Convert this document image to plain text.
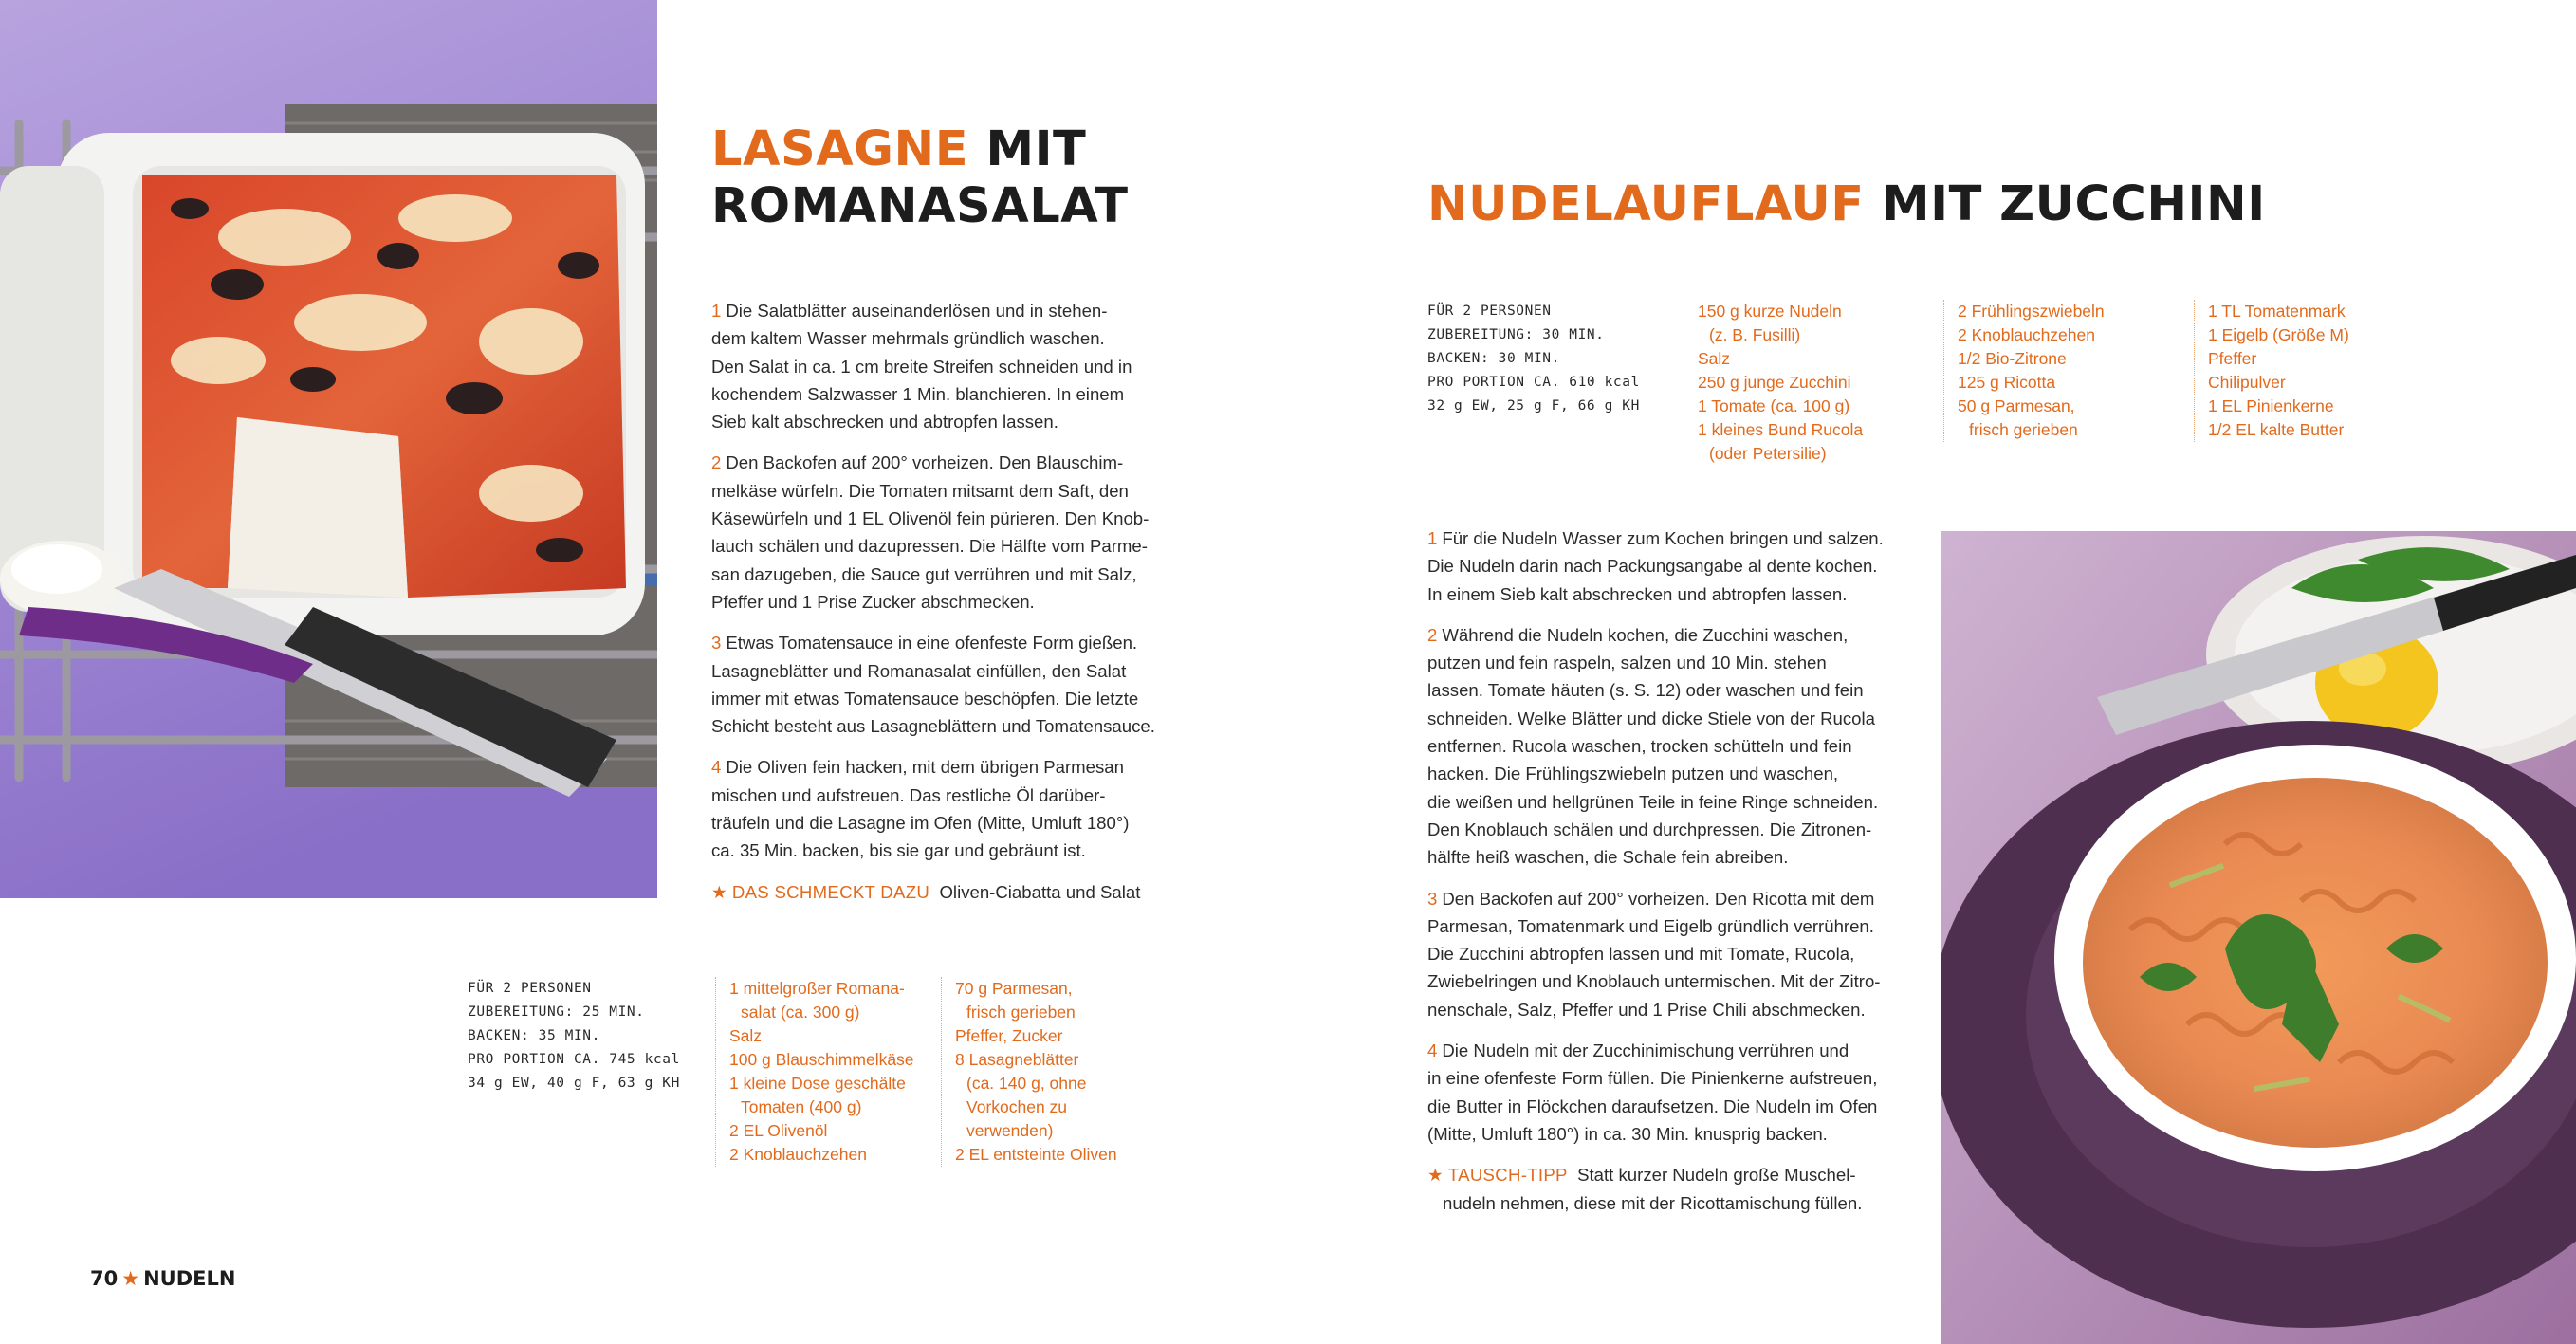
LASAGNE MIT
ROMANASALAT

1 Die Salatblätter auseinanderlösen und in stehen-
dem kaltem Wasser mehrmals gründlich waschen.
Den Salat in ca. 1 cm breite Streifen schneiden und in
kochendem Salzwasser 1 Min. blanchieren. In einem
Sieb kalt abschrecken und abtropfen lassen.

2 Den Backofen auf 200° vorheizen. Den Blauschim-
melkäse würfeln. Die Tomaten mitsamt dem Saft, den
Käsewürfeln und 1 EL Olivenöl fein pürieren. Den Knob-
lauch schälen und dazupressen. Die Hälfte vom Parme-
san dazugeben, die Sauce gut verrühren und mit Salz,
Pfeffer und 1 Prise Zucker abschmecken.

3 Etwas Tomatensauce in eine ofenfeste Form gießen.
Lasagneblätter und Romanasalat einfüllen, den Salat
immer mit etwas Tomatensauce beschöpfen. Die letzte
Schicht besteht aus Lasagneblättern und Tomatensauce.

4 Die Oliven fein hacken, mit dem übrigen Parmesan
mischen und aufstreuen. Das restliche Öl darüber-
träufeln und die Lasagne im Ofen (Mitte, Umluft 180°)
ca. 35 Min. backen, bis sie gar und gebräunt ist.

★ DAS SCHMECKT DAZU Oliven-Ciabatta und Salat

FÜR 2 PERSONEN
ZUBEREITUNG: 25 MIN.
BACKEN: 35 MIN.
PRO PORTION CA. 745 kcal
34 g EW, 40 g F, 63 g KH
1 mittelgroßer Romana-
salat (ca. 300 g)
Salz
100 g Blauschimmelkäse
1 kleine Dose geschälte
Tomaten (400 g)
2 EL Olivenöl
2 Knoblauchzehen
70 g Parmesan,
frisch gerieben
Pfeffer, Zucker
8 Lasagneblätter
(ca. 140 g, ohne
Vorkochen zu
verwenden)
2 EL entsteinte Oliven
NUDELAUFLAUF MIT ZUCCHINI
FÜR 2 PERSONEN
ZUBEREITUNG: 30 MIN.
BACKEN: 30 MIN.
PRO PORTION CA. 610 kcal
32 g EW, 25 g F, 66 g KH
150 g kurze Nudeln
(z. B. Fusilli)
Salz
250 g junge Zucchini
1 Tomate (ca. 100 g)
1 kleines Bund Rucola
(oder Petersilie)
2 Frühlingszwiebeln
2 Knoblauchzehen
1/2 Bio-Zitrone
125 g Ricotta
50 g Parmesan,
frisch gerieben
1 TL Tomatenmark
1 Eigelb (Größe M)
Pfeffer
Chilipulver
1 EL Pinienkerne
1/2 EL kalte Butter

1 Für die Nudeln Wasser zum Kochen bringen und salzen.
Die Nudeln darin nach Packungsangabe al dente kochen.
In einem Sieb kalt abschrecken und abtropfen lassen.

2 Während die Nudeln kochen, die Zucchini waschen,
putzen und fein raspeln, salzen und 10 Min. stehen
lassen. Tomate häuten (s. S. 12) oder waschen und fein
schneiden. Welke Blätter und dicke Stiele von der Rucola
entfernen. Rucola waschen, trocken schütteln und fein
hacken. Die Frühlingszwiebeln putzen und waschen,
die weißen und hellgrünen Teile in feine Ringe schneiden.
Den Knoblauch schälen und durchpressen. Die Zitronen-
hälfte heiß waschen, die Schale fein abreiben.

3 Den Backofen auf 200° vorheizen. Den Ricotta mit dem
Parmesan, Tomatenmark und Eigelb gründlich verrühren.
Die Zucchini abtropfen lassen und mit Tomate, Rucola,
Zwiebelringen und Knoblauch untermischen. Mit der Zitro-
nenschale, Salz, Pfeffer und 1 Prise Chili abschmecken.

4 Die Nudeln mit der Zucchinimischung verrühren und
in eine ofenfeste Form füllen. Die Pinienkerne aufstreuen,
die Butter in Flöckchen daraufsetzen. Die Nudeln im Ofen
(Mitte, Umluft 180°) in ca. 30 Min. knusprig backen.

★ TAUSCH-TIPP Statt kurzer Nudeln große Muschel-
nudeln nehmen, diese mit der Ricottamischung füllen.

70 ★ NUDELN
